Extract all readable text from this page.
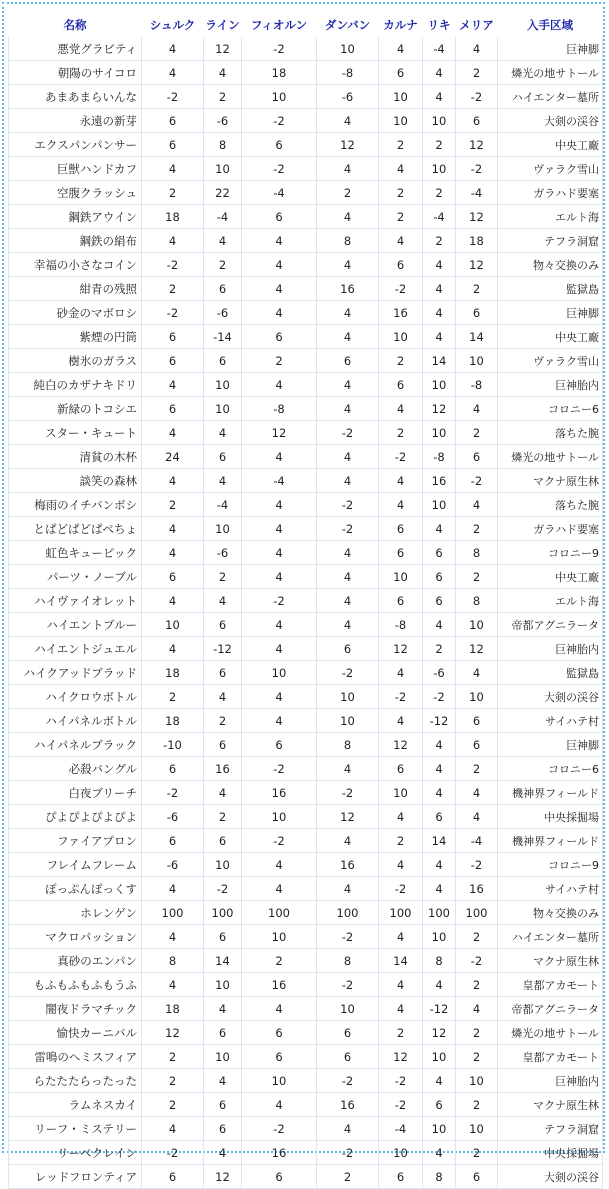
名称	シュルク	ライン	フィオルン	ダンバン	カルナ	リキ	メリア	入手区域
悪党グラビティ	4	12	-2	10	4	-4	4	巨神脚
朝陽のサイコロ	4	4	18	-8	6	4	2	燐光の地サトール
あまあまらいんな	-2	2	10	-6	10	4	-2	ハイエンター墓所
永遠の新芽	6	-6	-2	4	10	10	6	大剣の渓谷
エクスパンパンサー	6	8	6	12	2	2	12	中央工廠
巨獣ハンドカフ	4	10	-2	4	4	10	-2	ヴァラク雪山
空腹クラッシュ	2	22	-4	2	2	2	-4	ガラハド要塞
鋼鉄アウイン	18	-4	6	4	2	-4	12	エルト海
鋼鉄の絹布	4	4	4	8	4	2	18	テフラ洞窟
幸福の小さなコイン	-2	2	4	4	6	4	12	物々交換のみ
紺青の残照	2	6	4	16	-2	4	2	監獄島
砂金のマボロシ	-2	-6	4	4	16	4	6	巨神脚
紫煙の円筒	6	-14	6	4	10	4	14	中央工廠
樹氷のガラス	6	6	2	6	2	14	10	ヴァラク雪山
純白のカザナキドリ	4	10	4	4	6	10	-8	巨神胎内
新緑のトコシエ	6	10	-8	4	4	12	4	コロニー6
スター・キュート	4	4	12	-2	2	10	2	落ちた腕
清貧の木杯	24	6	4	4	-2	-8	6	燐光の地サトール
談笑の森林	4	4	-4	4	4	16	-2	マクナ原生林
梅雨のイチバンボシ	2	-4	4	-2	4	10	4	落ちた腕
とぱどぱどぱぺちょ	4	10	4	-2	6	4	2	ガラハド要塞
虹色キューピック	4	-6	4	4	6	6	8	コロニー9
パーツ・ノーブル	6	2	4	4	10	6	2	中央工廠
ハイヴァイオレット	4	4	-2	4	6	6	8	エルト海
ハイエントブルー	10	6	4	4	-8	4	10	帝都アグニラータ
ハイエントジュエル	4	-12	4	6	12	2	12	巨神胎内
ハイクアッドブラッド	18	6	10	-2	4	-6	4	監獄島
ハイクロウボトル	2	4	4	10	-2	-2	10	大剣の渓谷
ハイパネルボトル	18	2	4	10	4	-12	6	サイハテ村
ハイパネルブラック	-10	6	6	8	12	4	6	巨神脚
必殺バングル	6	16	-2	4	6	4	2	コロニー6
白夜ブリーチ	-2	4	16	-2	10	4	4	機神界フィールド
ぴよぴよぴよぴよ	-6	2	10	12	4	6	4	中央採掘場
ファイアプロン	6	6	-2	4	2	14	-4	機神界フィールド
フレイムフレーム	-6	10	4	16	4	4	-2	コロニー9
ぽっぷんぽっくす	4	-2	4	4	-2	4	16	サイハテ村
ホレンゲン	100	100	100	100	100	100	100	物々交換のみ
マクロパッション	4	6	10	-2	4	10	2	ハイエンター墓所
真砂のエンパン	8	14	2	8	14	8	-2	マクナ原生林
もふもふもふもうふ	4	10	16	-2	4	4	2	皇都アカモート
闇夜ドラマチック	18	4	4	10	4	-12	4	帝都アグニラータ
愉快カーニバル	12	6	6	6	2	12	2	燐光の地サトール
雷鳴のへミスフィア	2	10	6	6	12	10	2	皇都アカモート
らたたたらったった	2	4	10	-2	-2	4	10	巨神胎内
ラムネスカイ	2	6	4	16	-2	6	2	マクナ原生林
リーフ・ミステリー	4	6	-2	4	-4	10	10	テフラ洞窟
リーベクレイン	-2	4	16	-2	10	4	2	中央採掘場
レッドフロンティア	6	12	6	2	6	8	6	大剣の渓谷
